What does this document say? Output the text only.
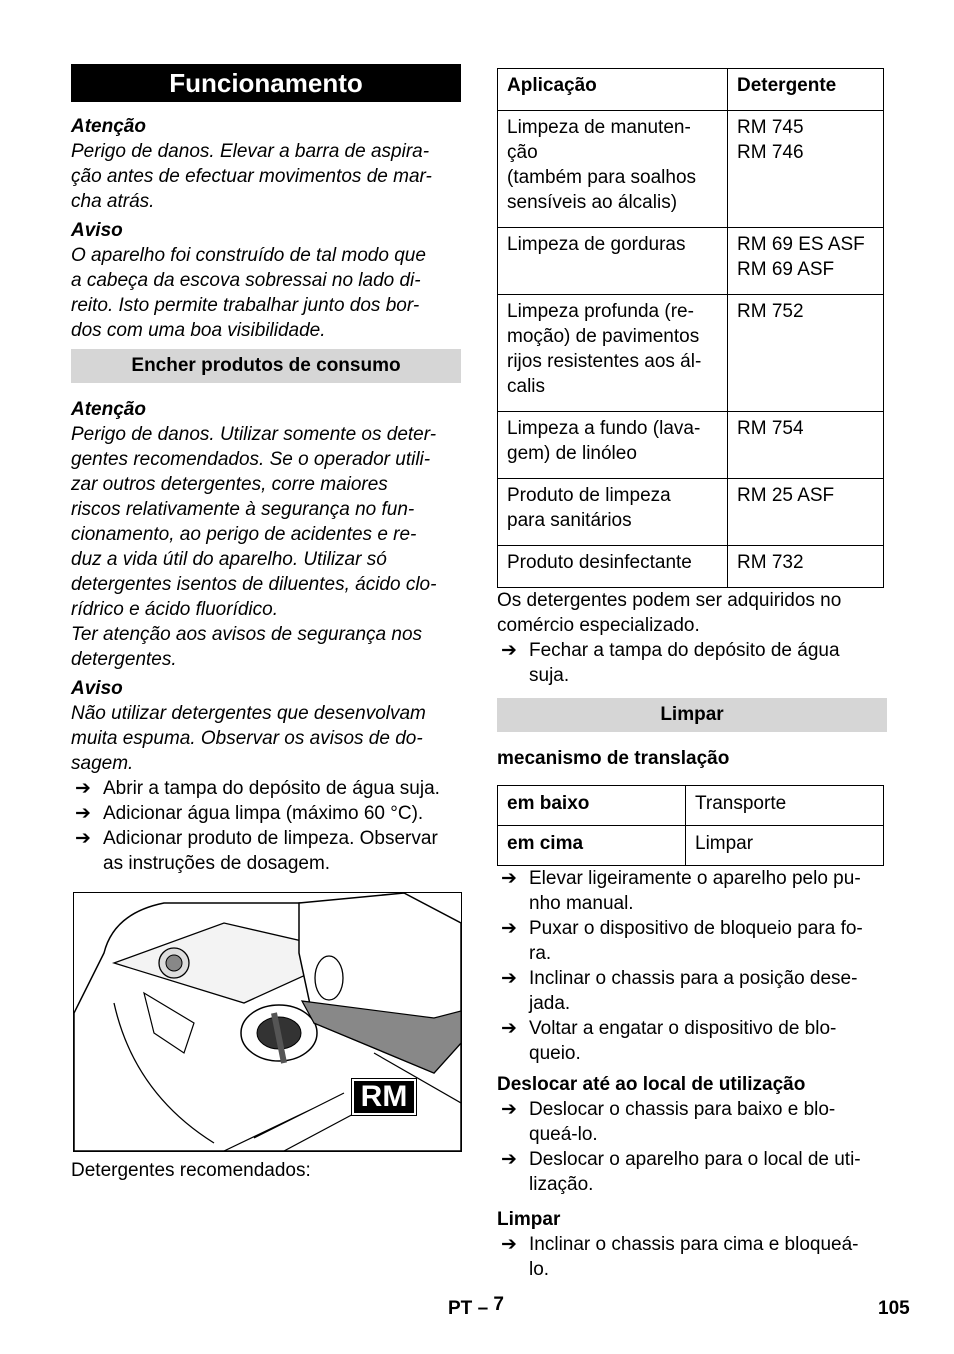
Funcionamento
Atenção

Perigo de danos. Elevar a barra de aspira-
ção antes de efectuar movimentos de mar-
cha atrás.

Aviso

O aparelho foi construído de tal modo que
a cabeça da escova sobressai no lado di-
reito. Isto permite trabalhar junto dos bor-
dos com uma boa visibilidade.

Encher produtos de consumo
Atenção

Perigo de danos. Utilizar somente os deter-
gentes recomendados. Se o operador utili-
zar outros detergentes, corre maiores
riscos relativamente à segurança no fun-
cionamento, ao perigo de acidentes e re-
duz a vida útil do aparelho. Utilizar só
detergentes isentos de diluentes, ácido clo-
rídrico e ácido fluorídico.
Ter atenção aos avisos de segurança nos
detergentes.

Aviso

Não utilizar detergentes que desenvolvam
muita espuma. Observar os avisos de do-
sagem.

➔ Abrir a tampa do depósito de água suja.
➔ Adicionar água limpa (máximo 60 °C).
➔ Adicionar produto de limpeza. Observar
as instruções de dosagem.
RM

Detergentes recomendados:

Aplicação	Detergente
Limpeza de manuten-
ção
(também para soalhos
sensíveis ao álcalis)	RM 745
RM 746
Limpeza de gorduras	RM 69 ES ASF
RM 69 ASF
Limpeza profunda (re-
moção) de pavimentos
rijos resistentes aos ál-
calis	RM 752
Limpeza a fundo (lava-
gem) de linóleo	RM 754
Produto de limpeza
para sanitários	RM 25 ASF
Produto desinfectante	RM 732

Os detergentes podem ser adquiridos no
comércio especializado.

➔ Fechar a tampa do depósito de água
suja.
Limpar

mecanismo de translação

em baixo	Transporte
em cima	Limpar
➔ Elevar ligeiramente o aparelho pelo pu-
nho manual.
➔ Puxar o dispositivo de bloqueio para fo-
ra.
➔ Inclinar o chassis para a posição dese-
jada.
➔ Voltar a engatar o dispositivo de blo-
queio.

Deslocar até ao local de utilização

➔ Deslocar o chassis para baixo e blo-
queá-lo.
➔ Deslocar o aparelho para o local de uti-
lização.

Limpar

➔ Inclinar o chassis para cima e bloqueá-
lo.
PT – 7	105
